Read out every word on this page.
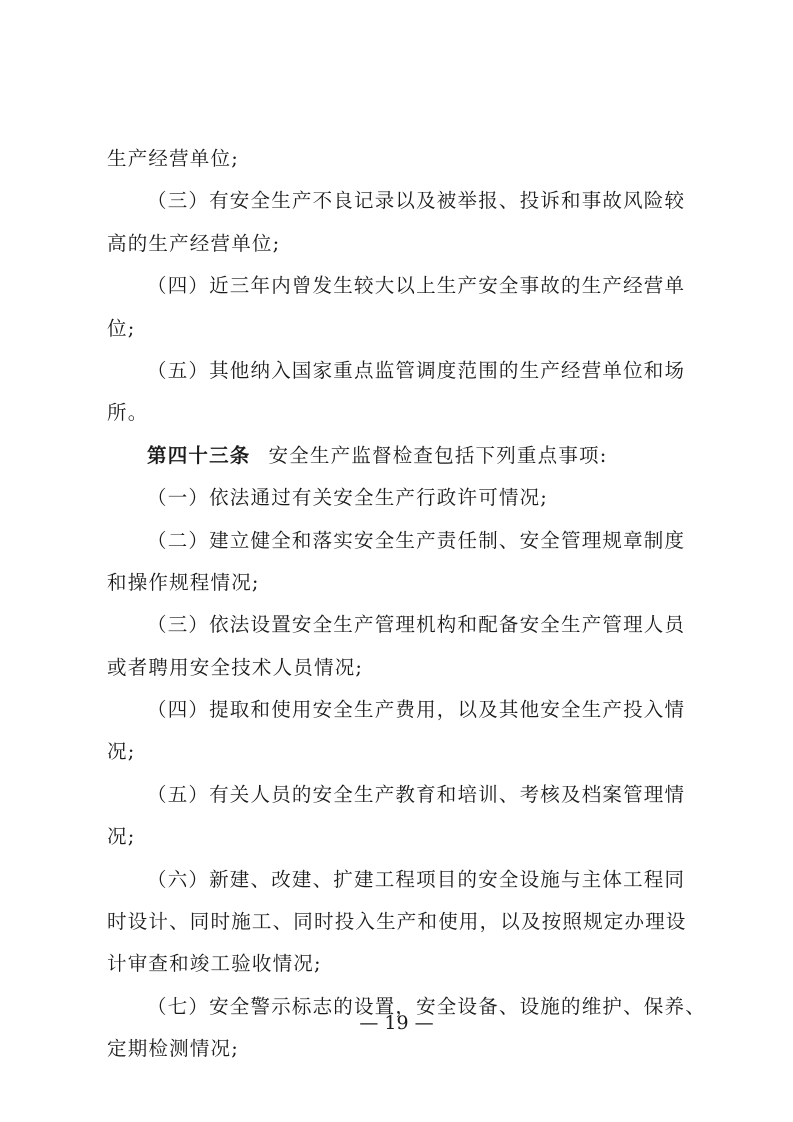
生产经营单位;
（三）有安全生产不良记录以及被举报、投诉和事故风险较
高的生产经营单位;
（四）近三年内曾发生较大以上生产安全事故的生产经营单
位;
（五）其他纳入国家重点监管调度范围的生产经营单位和场
所。
第四十三条 安全生产监督检查包括下列重点事项:
（一）依法通过有关安全生产行政许可情况;
（二）建立健全和落实安全生产责任制、安全管理规章制度
和操作规程情况;
（三）依法设置安全生产管理机构和配备安全生产管理人员
或者聘用安全技术人员情况;
（四）提取和使用安全生产费用，以及其他安全生产投入情
况;
（五）有关人员的安全生产教育和培训、考核及档案管理情
况;
（六）新建、改建、扩建工程项目的安全设施与主体工程同
时设计、同时施工、同时投入生产和使用，以及按照规定办理设
计审查和竣工验收情况;
（七）安全警示标志的设置，安全设备、设施的维护、保养、
定期检测情况;
— 19 —
